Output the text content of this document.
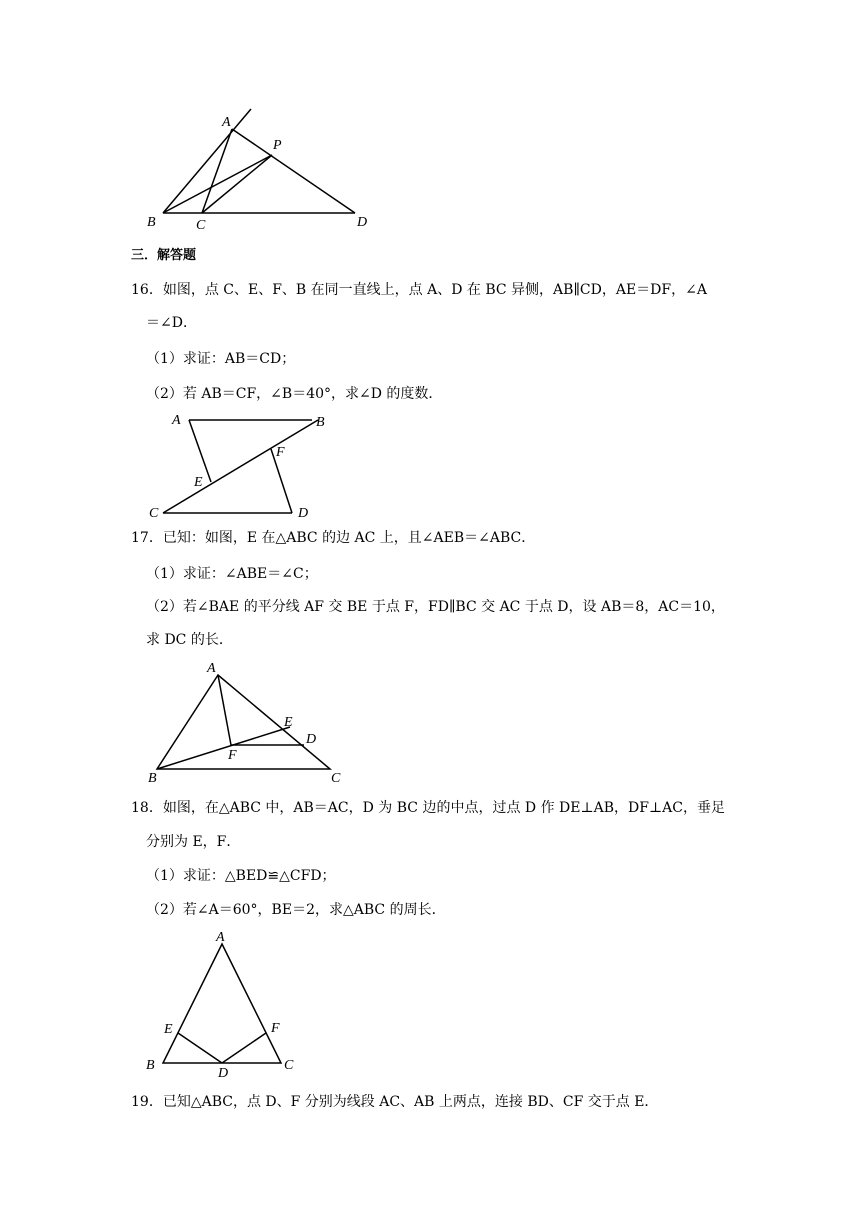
A
P
B	C	D
三．解答题
16．如图，点 C、E、F、B 在同一直线上，点 A、D 在 BC 异侧，AB∥CD，AE＝DF，∠A
＝∠D．
（1）求证：AB＝CD；
（2）若 AB＝CF，∠B＝40°，求∠D 的度数．
A	B
E
F
C	D
17．已知：如图，E 在△ABC 的边 AC 上，且∠AEB＝∠ABC．
（1）求证：∠ABE＝∠C；
（2）若∠BAE 的平分线 AF 交 BE 于点 F，FD∥BC 交 AC 于点 D，设 AB＝8，AC＝10，
求 DC 的长．
A
E
D
F
B	C
18．如图，在△ABC 中，AB＝AC，D 为 BC 边的中点，过点 D 作 DE⊥AB，DF⊥AC，垂足
分别为 E，F．
（1）求证：△BED≌△CFD；
（2）若∠A＝60°，BE＝2，求△ABC 的周长．
A
E	F
B
D
C
19．已知△ABC，点 D、F 分别为线段 AC、AB 上两点，连接 BD、CF 交于点 E．
